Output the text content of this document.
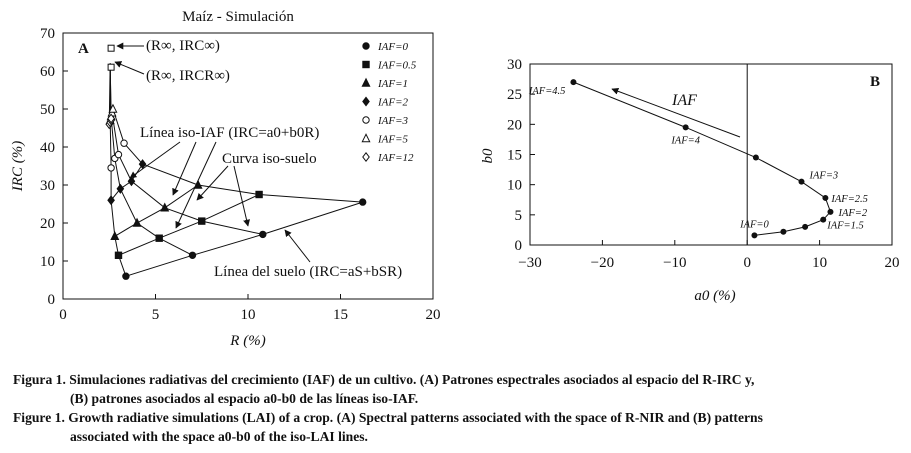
Maíz - Simulación
A
0	5	10	15	20
0
10
20
30
40
50
60
70
IAF=0
IAF=0.5
IAF=1
IAF=2
IAF=3
IAF=5
IAF=12
R (%)
IRC (%)
(R∞, IRC∞)
(R∞, IRCR∞)
Línea iso-IAF (IRC=a0+b0R)
Curva iso-suelo
Línea del suelo (IRC=aS+bSR)
B
−30	−20	−10	0	10	20
0
5
10
15
20
25
30
IAF=4.5
IAF=4
IAF=3
IAF=2.5
IAF=2
IAF=1.5
IAF=0
a0 (%)
b0
IAF
Figura 1. Simulaciones radiativas del crecimiento (IAF) de un cultivo. (A) Patrones espectrales asociados al espacio del R-IRC y,
(B) patrones asociados al espacio a0-b0 de las líneas iso-IAF.
Figure 1. Growth radiative simulations (LAI) of a crop. (A) Spectral patterns associated with the space of R-NIR and (B) patterns
associated with the space a0-b0 of the iso-LAI lines.
